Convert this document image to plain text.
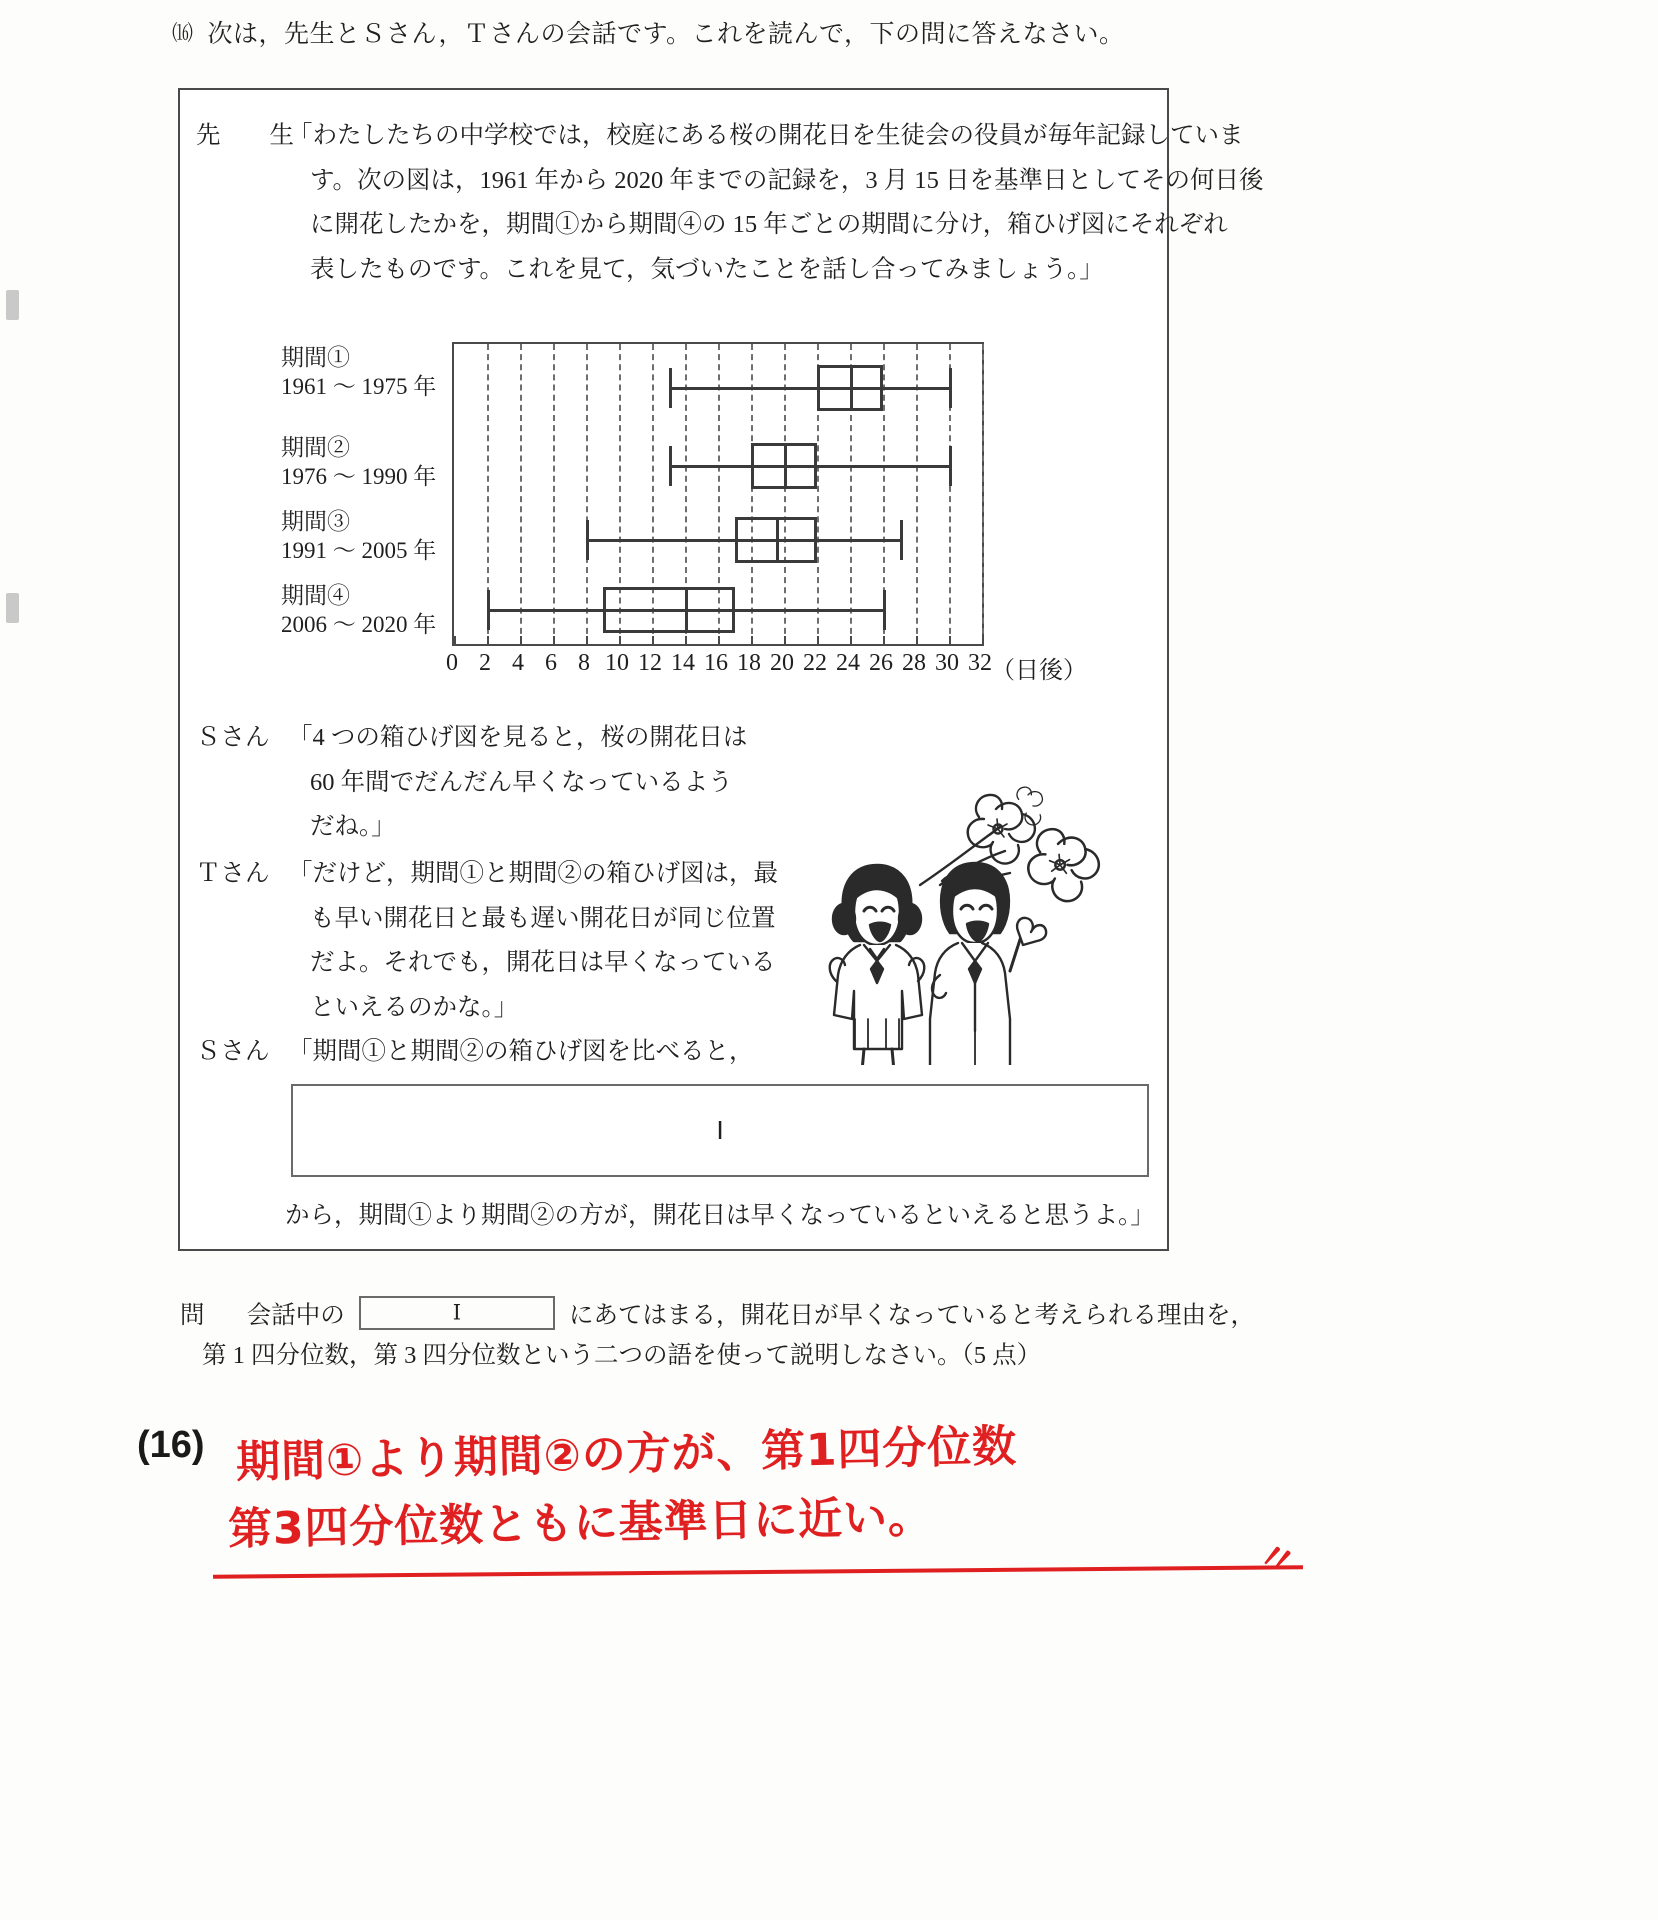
⒃ 次は，先生とＳさん，Ｔさんの会話です。これを読んで，下の問に答えなさい。
先　生
「わたしたちの中学校では，校庭にある桜の開花日を生徒会の役員が毎年記録していま
す。次の図は，1961 年から 2020 年までの記録を，3 月 15 日を基準日としてその何日後
に開花したかを，期間①から期間④の 15 年ごとの期間に分け，箱ひげ図にそれぞれ
表したものです。これを見て，気づいたことを話し合ってみましょう。」
期間①
1961 〜 1975 年
期間②
1976 〜 1990 年
期間③
1991 〜 2005 年
期間④
2006 〜 2020 年
0 2 4 6 8 10 12 14 16 18 20 22 24 26 28 30 32 （日後）
Ｓさん 「4 つの箱ひげ図を見ると，桜の開花日は
60 年間でだんだん早くなっているよう
だね。」
Ｔさん 「だけど，期間①と期間②の箱ひげ図は，最
も早い開花日と最も遅い開花日が同じ位置
だよ。それでも，開花日は早くなっている
といえるのかな。」
Ｓさん 「期間①と期間②の箱ひげ図を比べると，
Ⅰ
から，期間①より期間②の方が，開花日は早くなっているといえると思うよ。」
問 会話中の	Ⅰ	にあてはまる，開花日が早くなっていると考えられる理由を，
第 1 四分位数，第 3 四分位数という二つの語を使って説明しなさい。（5 点）
(16) 期間①より期間②の方が、第1四分位数
第3四分位数ともに基準日に近い。
〃
